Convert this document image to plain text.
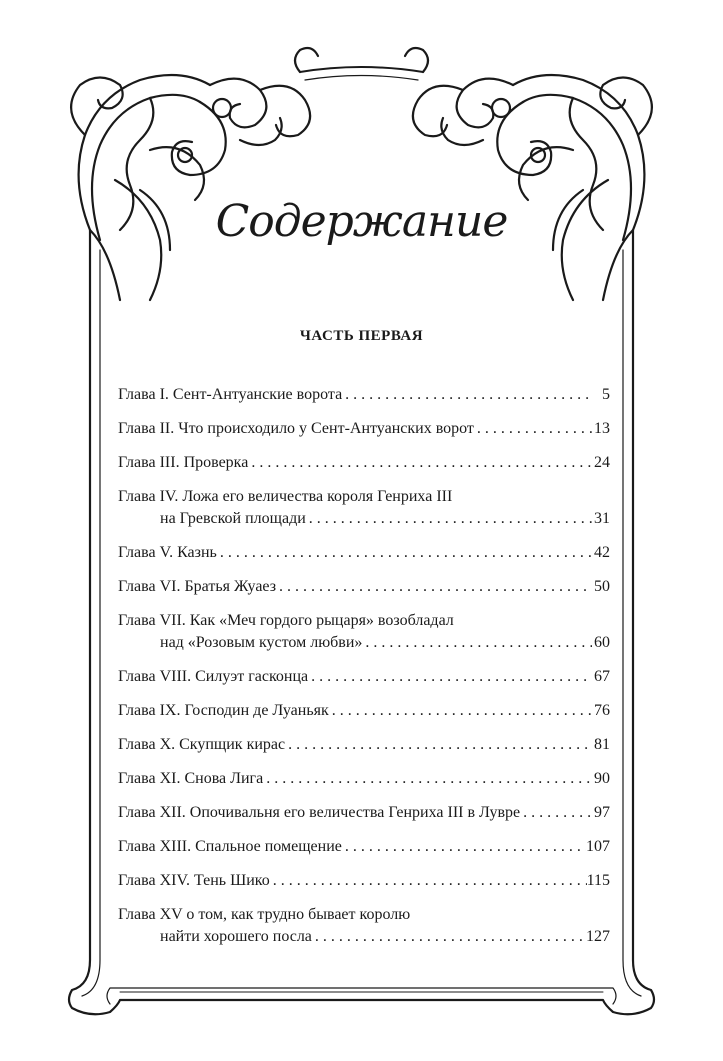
Содержание
ЧАСТЬ ПЕРВАЯ
Глава I. Сент-Антуанские ворота . . .	5
Глава II. Что происходило у Сент-Антуанских ворот . . .	13
Глава III. Проверка . . .	24
Глава IV. Ложа его величества короля Генриха III
на Гревской площади . . .	31
Глава V. Казнь . . .	42
Глава VI. Братья Жуаез . . .	50
Глава VII. Как «Меч гордого рыцаря» возобладал
над «Розовым кустом любви» . . .	60
Глава VIII. Силуэт гасконца . . .	67
Глава IX. Господин де Луаньяк . . .	76
Глава X. Скупщик кирас . . .	81
Глава XI. Снова Лига . . .	90
Глава XII. Опочивальня его величества Генриха III в Лувре . . .	97
Глава XIII. Спальное помещение . . .	107
Глава XIV. Тень Шико . . .	115
Глава XV о том, как трудно бывает королю
найти хорошего посла . . .	127
